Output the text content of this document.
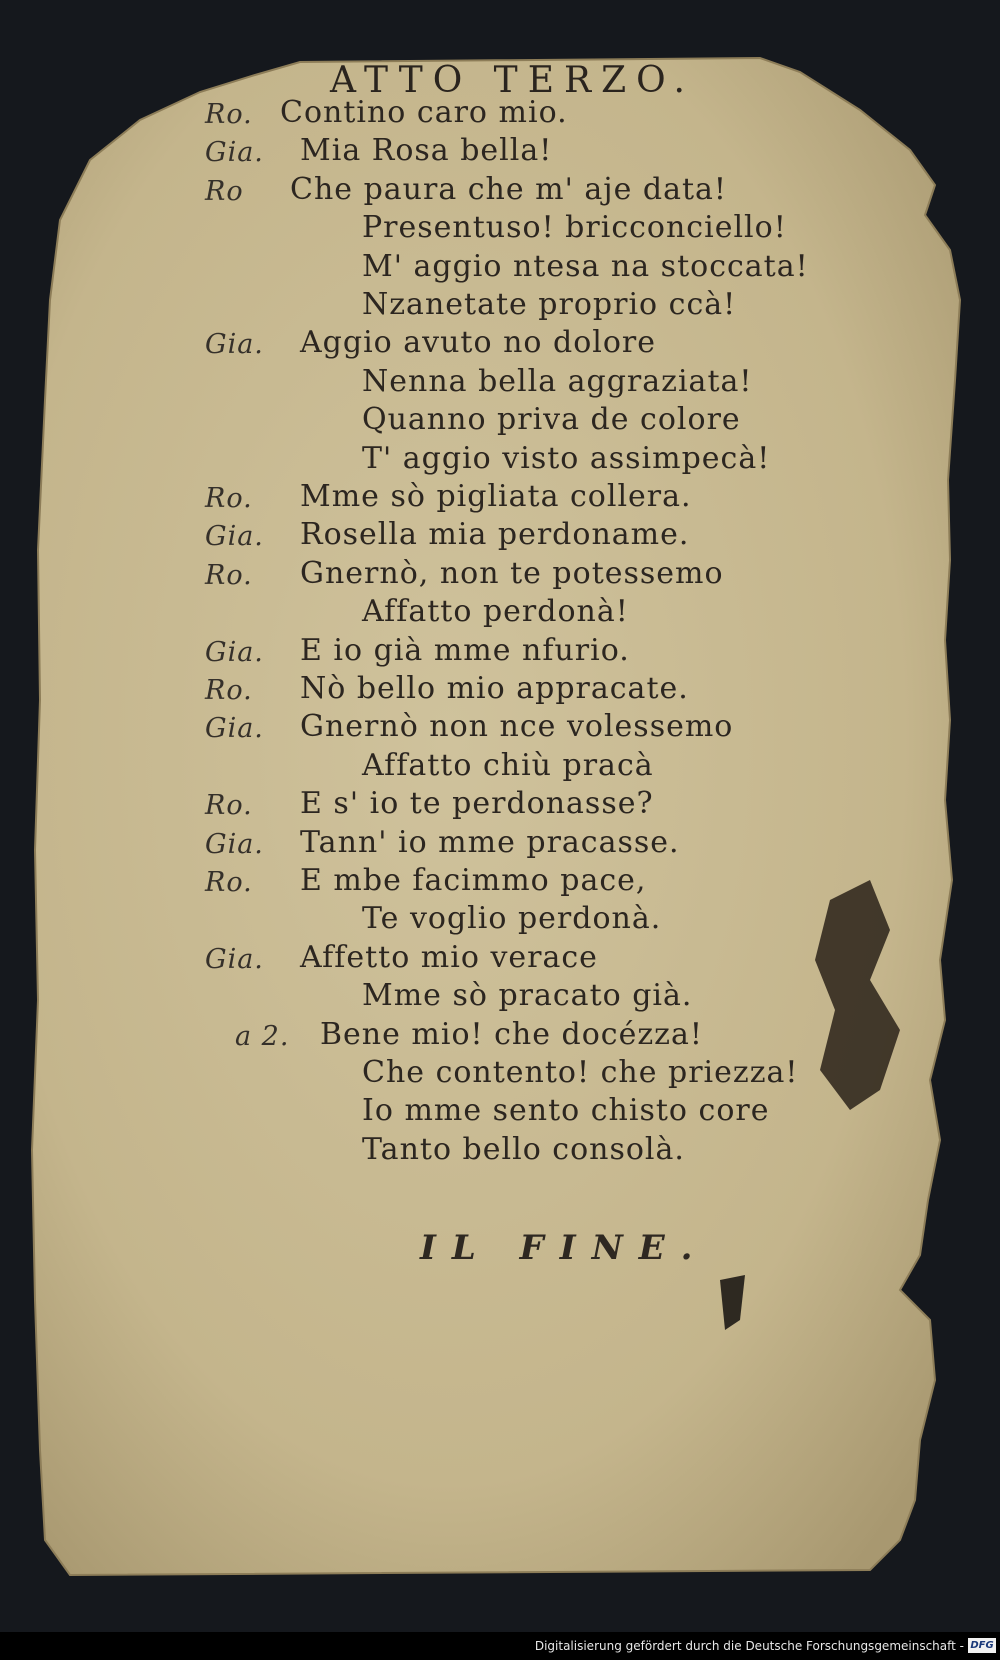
ATTO TERZO.
Ro. Contino caro mio.
Gia. Mia Rosa bella!
Ro Che paura che m' aje data!
Presentuso! bricconciello!
M' aggio ntesa na stoccata!
Nzanetate proprio ccà!
Gia. Aggio avuto no dolore
Nenna bella aggraziata!
Quanno priva de colore
T' aggio visto assimpecà!
Ro. Mme sò pigliata collera.
Gia. Rosella mia perdoname.
Ro. Gnernò, non te potessemo
Affatto perdonà!
Gia. E io già mme nfurio.
Ro. Nò bello mio appracate.
Gia. Gnernò non nce volessemo
Affatto chiù pracà
Ro. E s' io te perdonasse?
Gia. Tann' io mme pracasse.
Ro. E mbe facimmo pace,
Te voglio perdonà.
Gia. Affetto mio verace
Mme sò pracato già.
a 2. Bene mio! che docézza!
Che contento! che priezza!
Io mme sento chisto core
Tanto bello consolà.
IL FINE.
Digitalisierung gefördert durch die Deutsche Forschungsgemeinschaft - DFG
